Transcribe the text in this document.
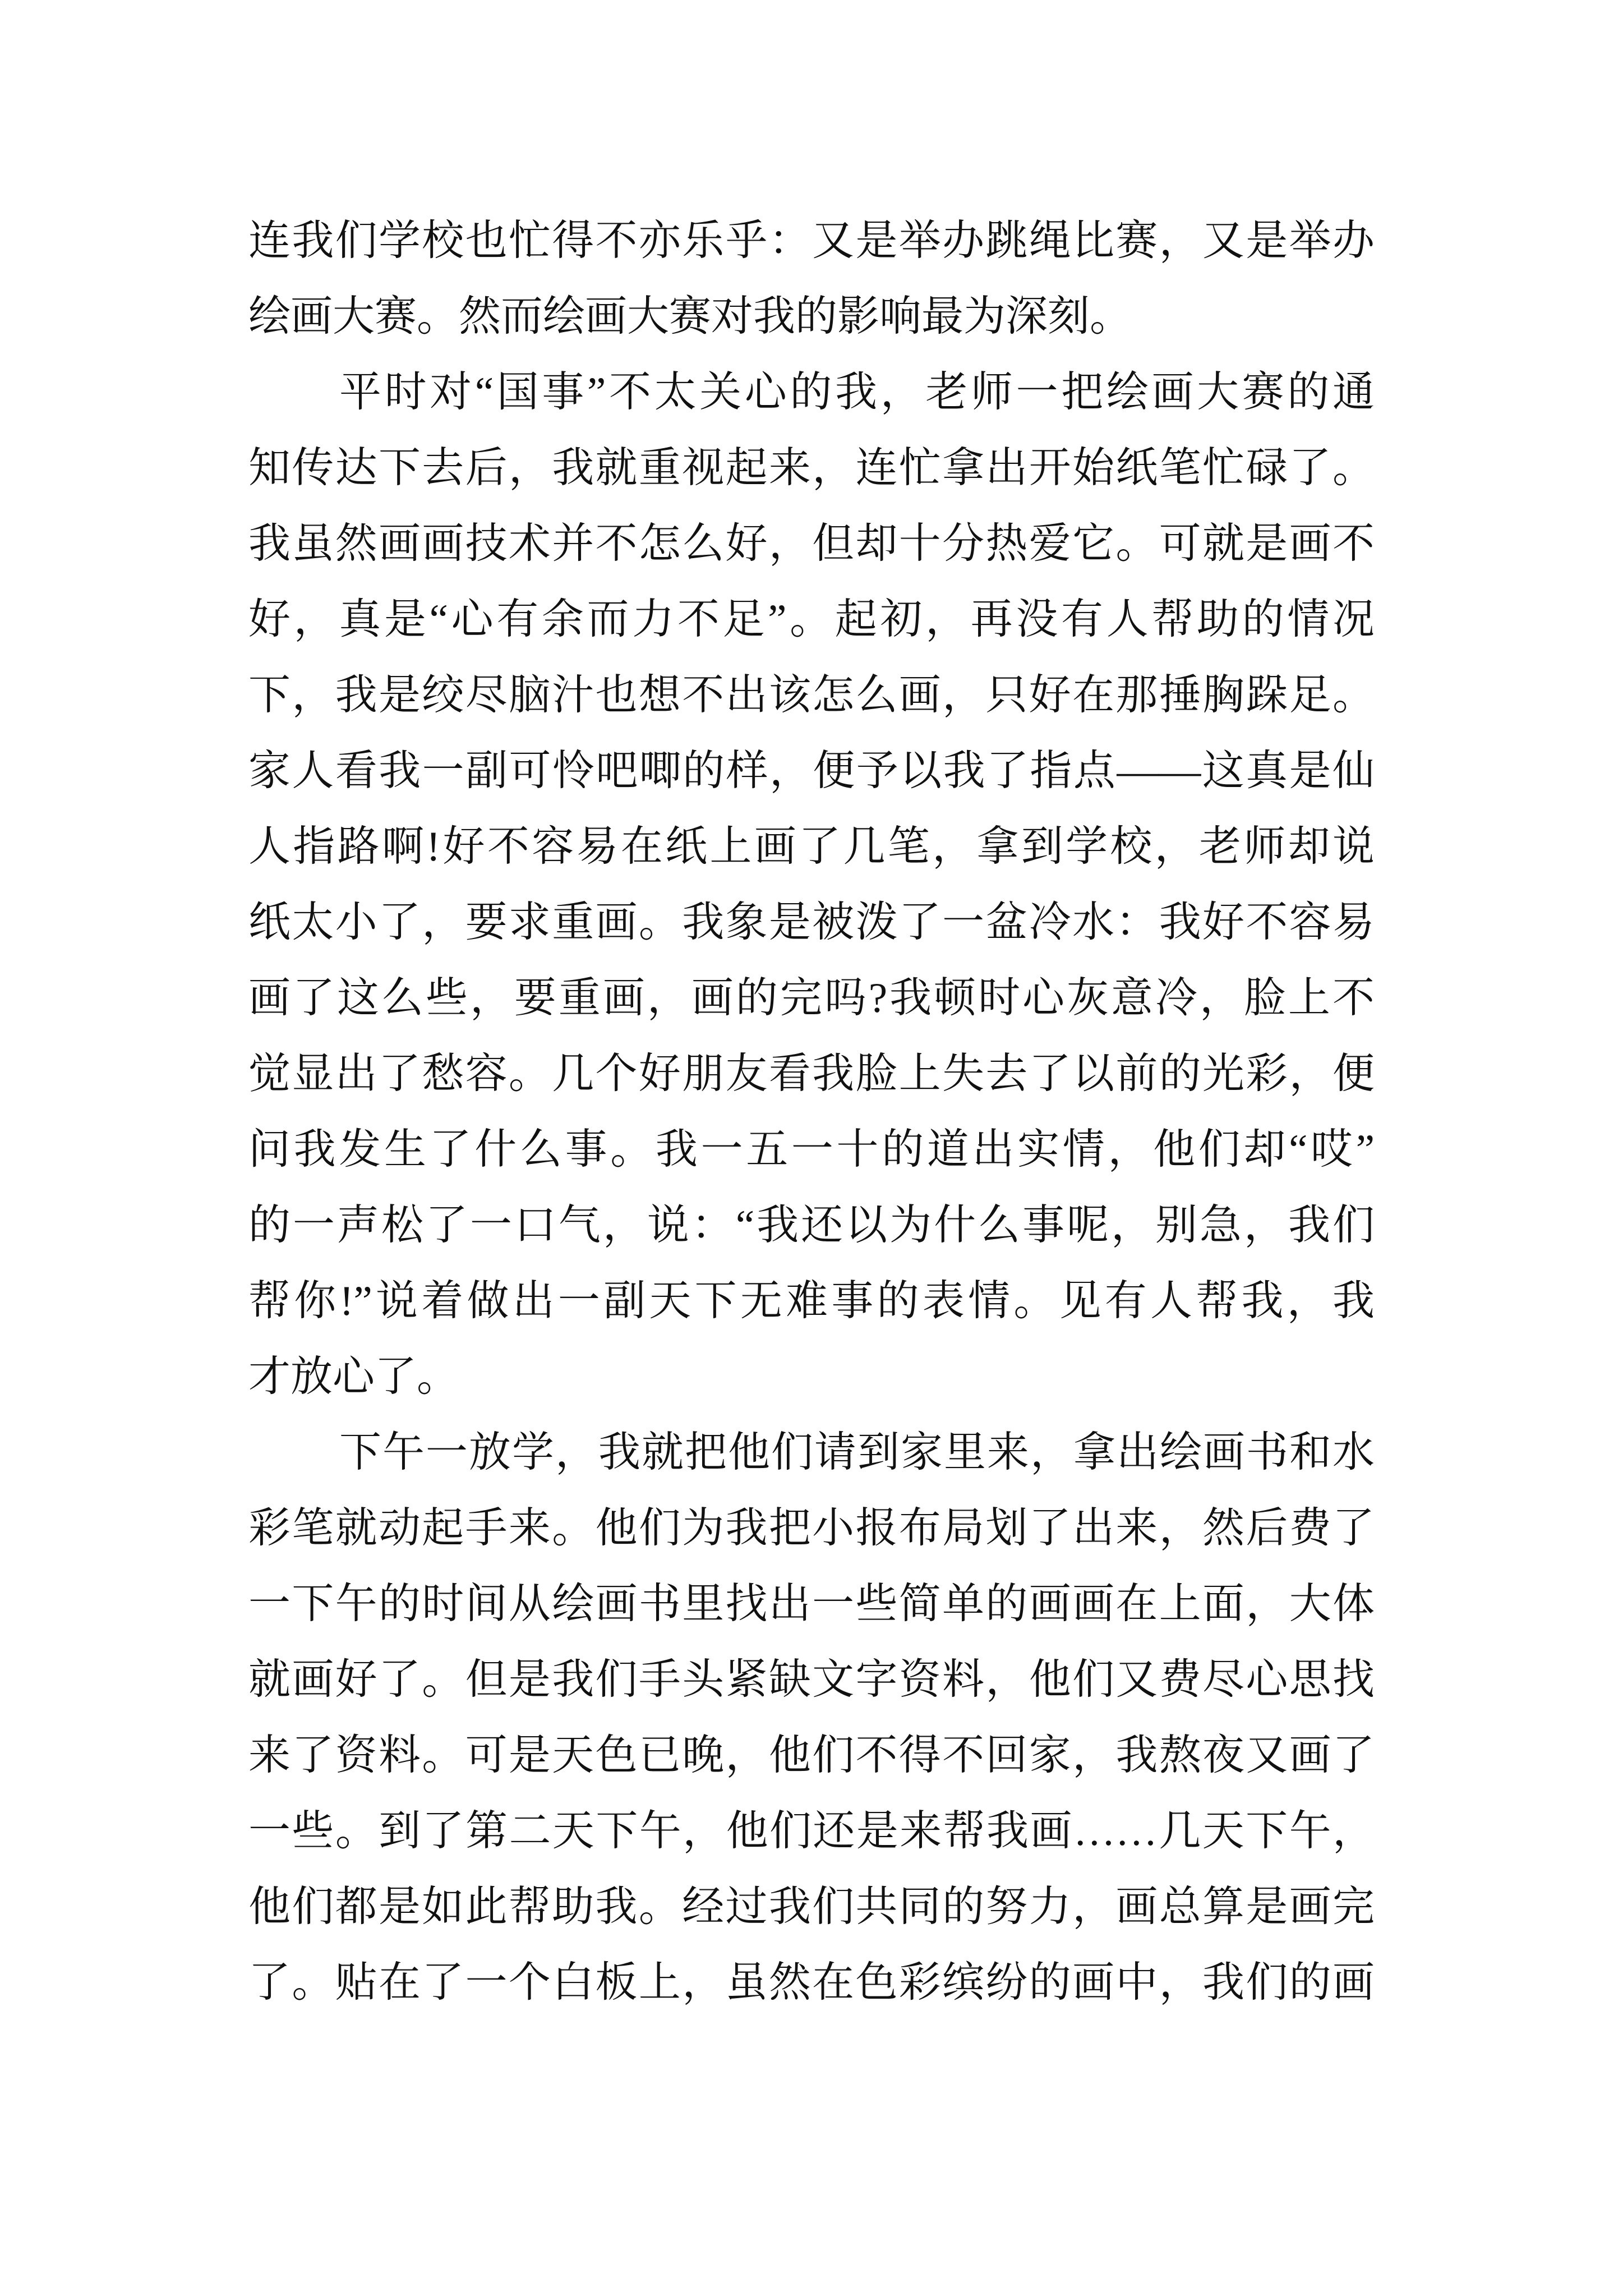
连我们学校也忙得不亦乐乎：又是举办跳绳比赛，又是举办
绘画大赛。然而绘画大赛对我的影响最为深刻。
平时对“国事”不太关心的我，老师一把绘画大赛的通
知传达下去后，我就重视起来，连忙拿出开始纸笔忙碌了。
我虽然画画技术并不怎么好，但却十分热爱它。可就是画不
好，真是“心有余而力不足”。起初，再没有人帮助的情况
下，我是绞尽脑汁也想不出该怎么画，只好在那捶胸跺足。
家人看我一副可怜吧唧的样，便予以我了指点——这真是仙
人指路啊!好不容易在纸上画了几笔，拿到学校，老师却说
纸太小了，要求重画。我象是被泼了一盆冷水：我好不容易
画了这么些，要重画，画的完吗?我顿时心灰意冷，脸上不
觉显出了愁容。几个好朋友看我脸上失去了以前的光彩，便
问我发生了什么事。我一五一十的道出实情，他们却“哎”
的一声松了一口气，说：“我还以为什么事呢，别急，我们
帮你!”说着做出一副天下无难事的表情。见有人帮我，我
才放心了。
下午一放学，我就把他们请到家里来，拿出绘画书和水
彩笔就动起手来。他们为我把小报布局划了出来，然后费了
一下午的时间从绘画书里找出一些简单的画画在上面，大体
就画好了。但是我们手头紧缺文字资料，他们又费尽心思找
来了资料。可是天色已晚，他们不得不回家，我熬夜又画了
一些。到了第二天下午，他们还是来帮我画……几天下午，
他们都是如此帮助我。经过我们共同的努力，画总算是画完
了。贴在了一个白板上，虽然在色彩缤纷的画中，我们的画
